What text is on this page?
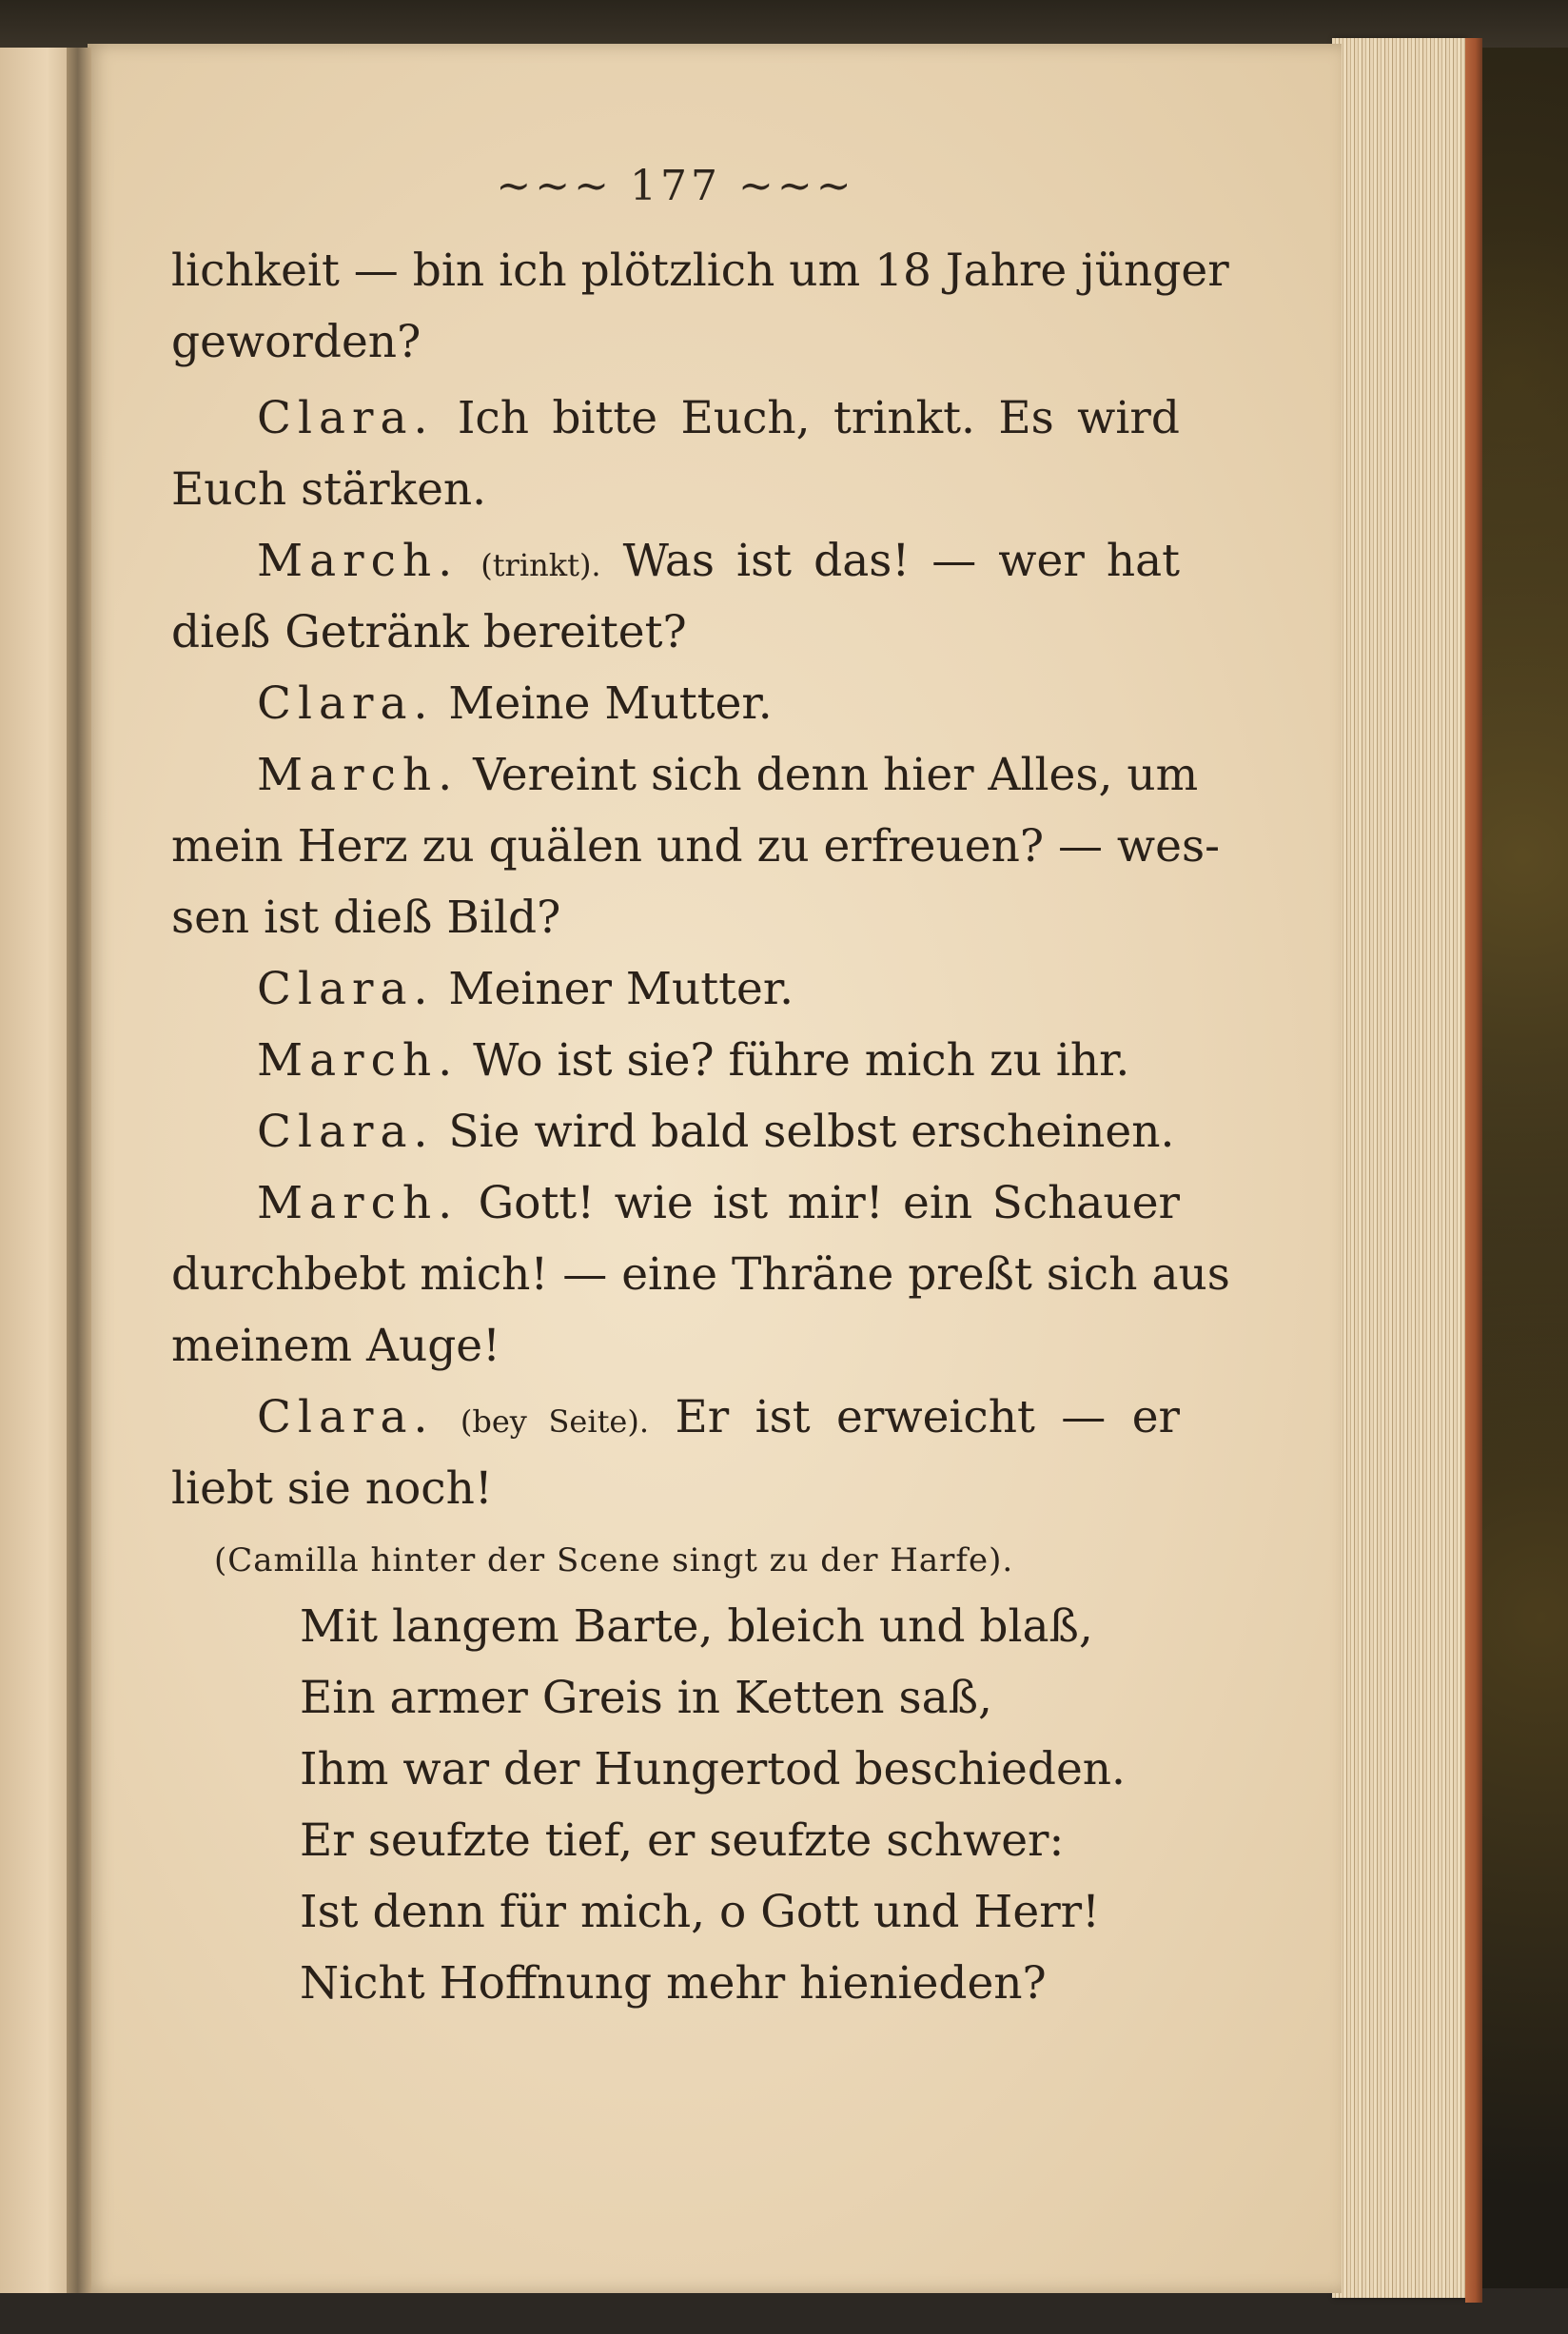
~~~ 177 ~~~
lichkeit — bin ich plötzlich um 18 Jahre jünger
geworden?
Clara. Ich bitte Euch, trinkt. Es wird
Euch stärken.
March. (trinkt). Was ist das! — wer hat
dieß Getränk bereitet?
Clara. Meine Mutter.
March. Vereint sich denn hier Alles, um
mein Herz zu quälen und zu erfreuen? — wes-
sen ist dieß Bild?
Clara. Meiner Mutter.
March. Wo ist sie? führe mich zu ihr.
Clara. Sie wird bald selbst erscheinen.
March. Gott! wie ist mir! ein Schauer
durchbebt mich! — eine Thräne preßt sich aus
meinem Auge!
Clara. (bey Seite). Er ist erweicht — er
liebt sie noch!
(Camilla hinter der Scene singt zu der Harfe).
Mit langem Barte, bleich und blaß,
Ein armer Greis in Ketten saß,
Ihm war der Hungertod beschieden.
Er seufzte tief, er seufzte schwer:
Ist denn für mich, o Gott und Herr!
Nicht Hoffnung mehr hienieden?
